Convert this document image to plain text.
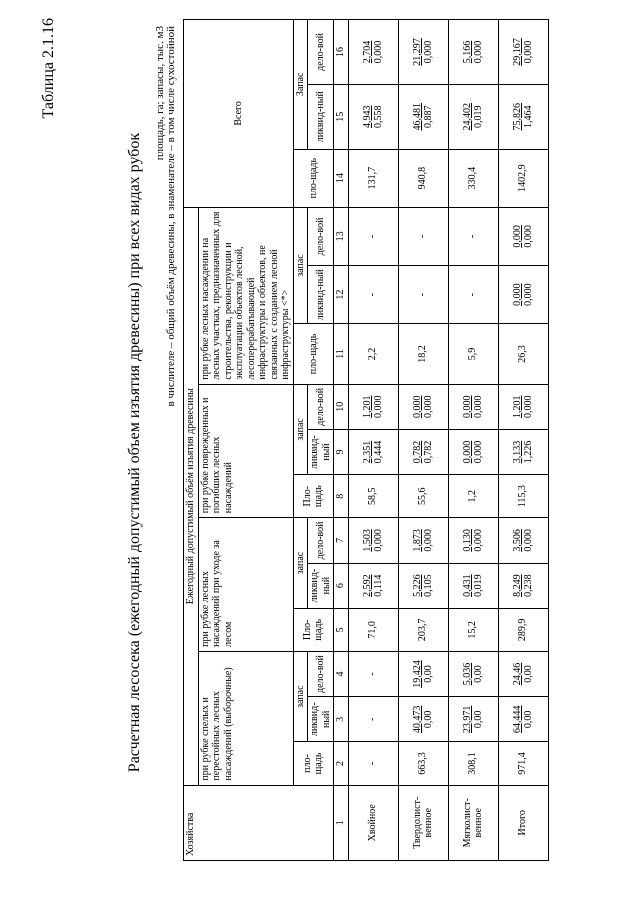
Таблица 2.1.16
Расчетная лесосека (ежегодный допустимый объем изъятия древесины) при всех видах рубок
площадь, га; запасы, тыс. м3 в числителе – общий объём древесины, в знаменателе – в том числе сухостойной
Хозяйства	Ежегодный допустимый объём изъятия древесины												Всего		
	при рубке спелых и перестойных лесных насаждений (выборочные)			при рубке лесных насаждений при уходе за лесом			при рубке поврежденных и погибших лесных насаждений			при рубке лесных насаждении на лесных участках, предназначенных для строительства, реконструкции и эксплуатации объектов лесной, лесоперерабатывающей инфраструктуры и объектов, не связанных с созданием лесной инфраструктуры <*>					
	пло-щадь	запас		Пло-щадь	запас		Пло-щадь	запас		пло-щадь	запас		пло-щадь	Запас	
		ликвид-ный	дело-вой		ликвид-ный	дело-вой		ликвид-ный	дело-вой		ликвид-ный	дело-вой		ликвид-ный	дело-вой
1	2	3	4	5	6	7	8	9	10	11	12	13	14	15	16
Хвойное	-	-	-	71,0	2,592 0,114	1,503 0,000	58,5	2,351 0,444	1,201 0,000	2,2	-	-	131,7	4,943 0,558	2,704 0,000

Твердолист-венное	663,3	40,473 0,00	19,424 0,00	203,7	5,226 0,105	1,873 0,000	55,6	0,782 0,782	0,000 0,000	18,2	-	-	940,8	46,481 0,887	21,297 0,000

Мягколист-венное	308,1	23,971 0,00	5,036 0,00	15,2	0,431 0,019	0,130 0,000	1,2	0,000 0,000	0,000 0,000	5,9	-	-	330,4	24,402 0,019	5,166 0,000

Итого	971,4	64,444 0,00	24,46 0,00	289,9	8,249 0,238	3,506 0,000	115,3	3,133 1,226	1,201 0,000	26,3	0,000 0,000	0,000 0,000	1402,9	75,826 1,464	29,167 0,000
